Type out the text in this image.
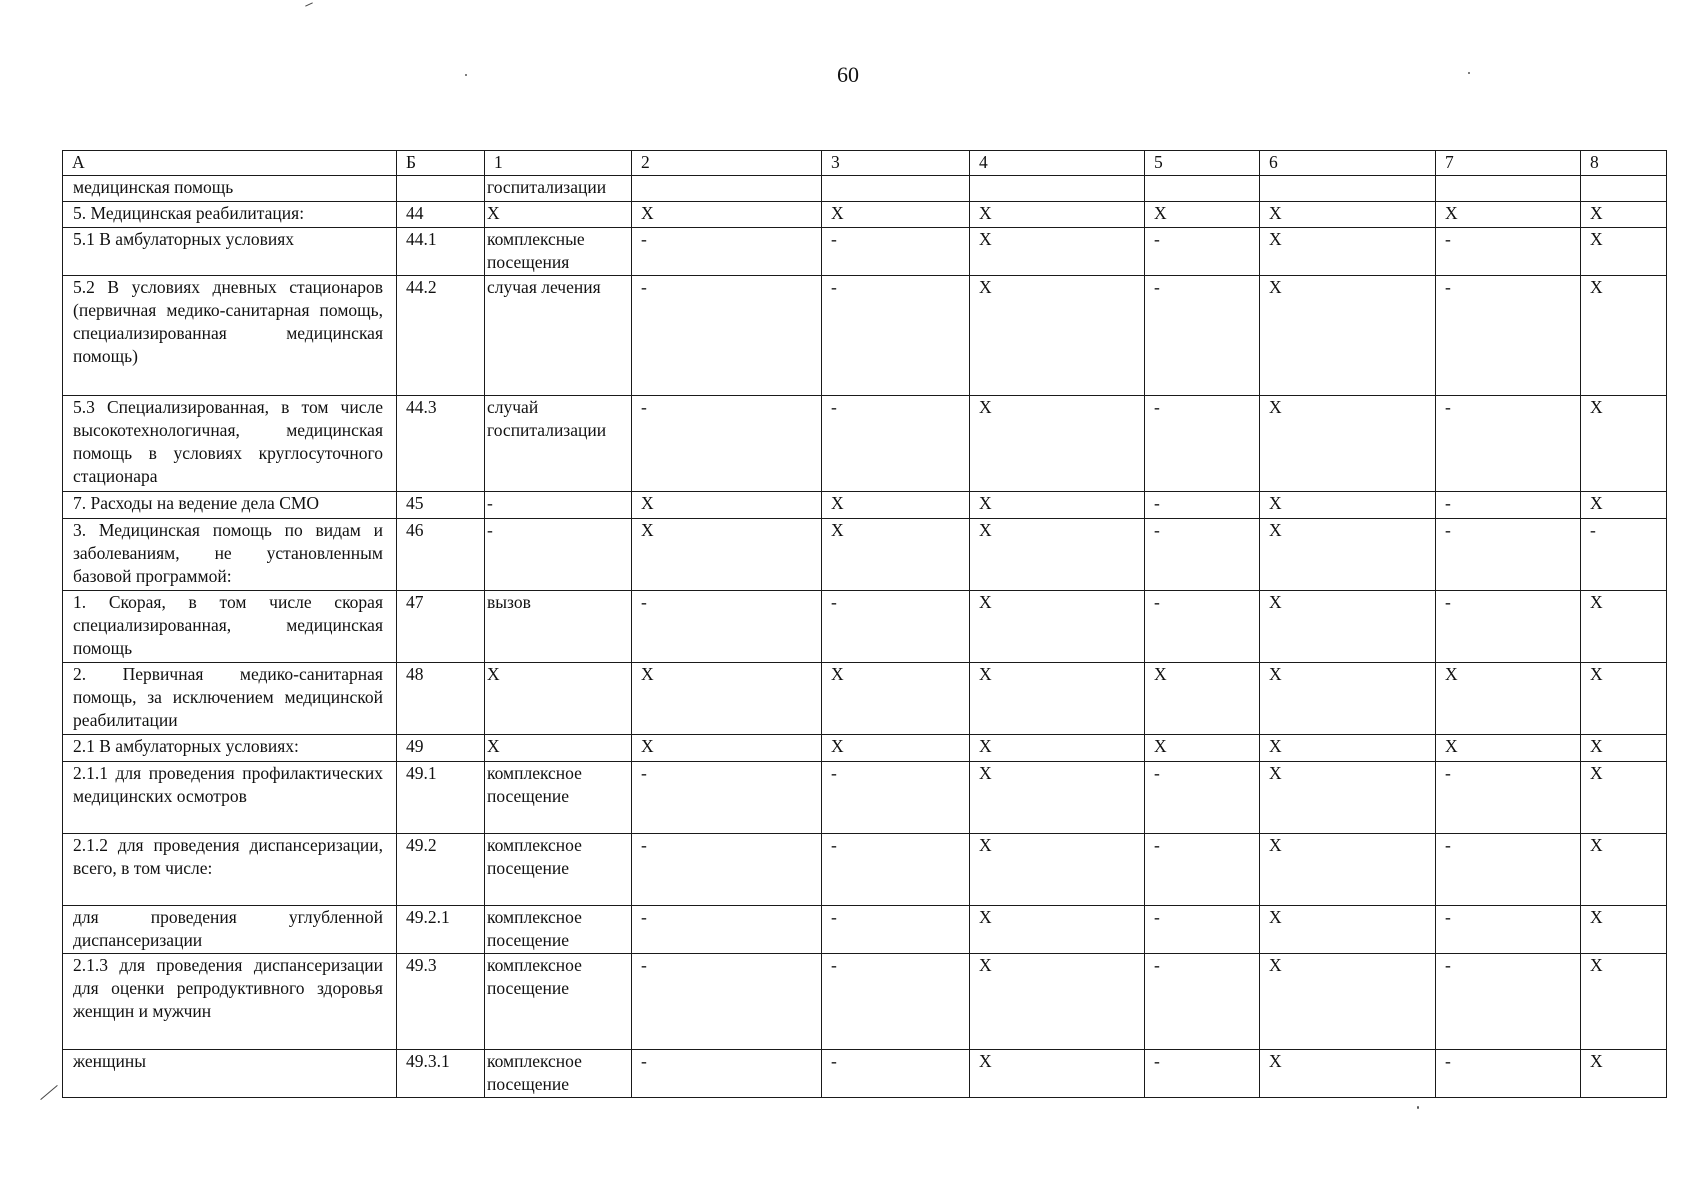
60
А	Б	1	2	3	4	5	6	7	8
медицинская помощь		госпитализации							
5. Медицинская реабилитация:	44	Х	Х	Х	Х	Х	Х	Х	Х
5.1 В амбулаторных условиях	44.1	комплексные посещения	-	-	Х	-	Х	-	Х
5.2 В условиях дневных стационаров (первичная медико-санитарная помощь, специализированная медицинская помощь)	44.2	случая лечения	-	-	Х	-	Х	-	Х
5.3 Специализированная, в том числе высокотехнологичная, медицинская помощь в условиях круглосуточного стационара	44.3	случай госпитализации	-	-	Х	-	Х	-	Х
7. Расходы на ведение дела СМО	45	-	Х	Х	Х	-	Х	-	Х
3. Медицинская помощь по видам и заболеваниям, не установленным базовой программой:	46	-	Х	Х	Х	-	Х	-	-
1. Скорая, в том числе скорая специализированная, медицинская помощь	47	вызов	-	-	Х	-	Х	-	Х
2. Первичная медико-санитарная помощь, за исключением медицинской реабилитации	48	Х	Х	Х	Х	Х	Х	Х	Х
2.1 В амбулаторных условиях:	49	Х	Х	Х	Х	Х	Х	Х	Х
2.1.1 для проведения профилактических медицинских осмотров	49.1	комплексное посещение	-	-	Х	-	Х	-	Х
2.1.2 для проведения диспансеризации, всего, в том числе:	49.2	комплексное посещение	-	-	Х	-	Х	-	Х
для проведения углубленной диспансеризации	49.2.1	комплексное посещение	-	-	Х	-	Х	-	Х
2.1.3 для проведения диспансеризации для оценки репродуктивного здоровья женщин и мужчин	49.3	комплексное посещение	-	-	Х	-	Х	-	Х
женщины	49.3.1	комплексное посещение	-	-	Х	-	Х	-	Х
